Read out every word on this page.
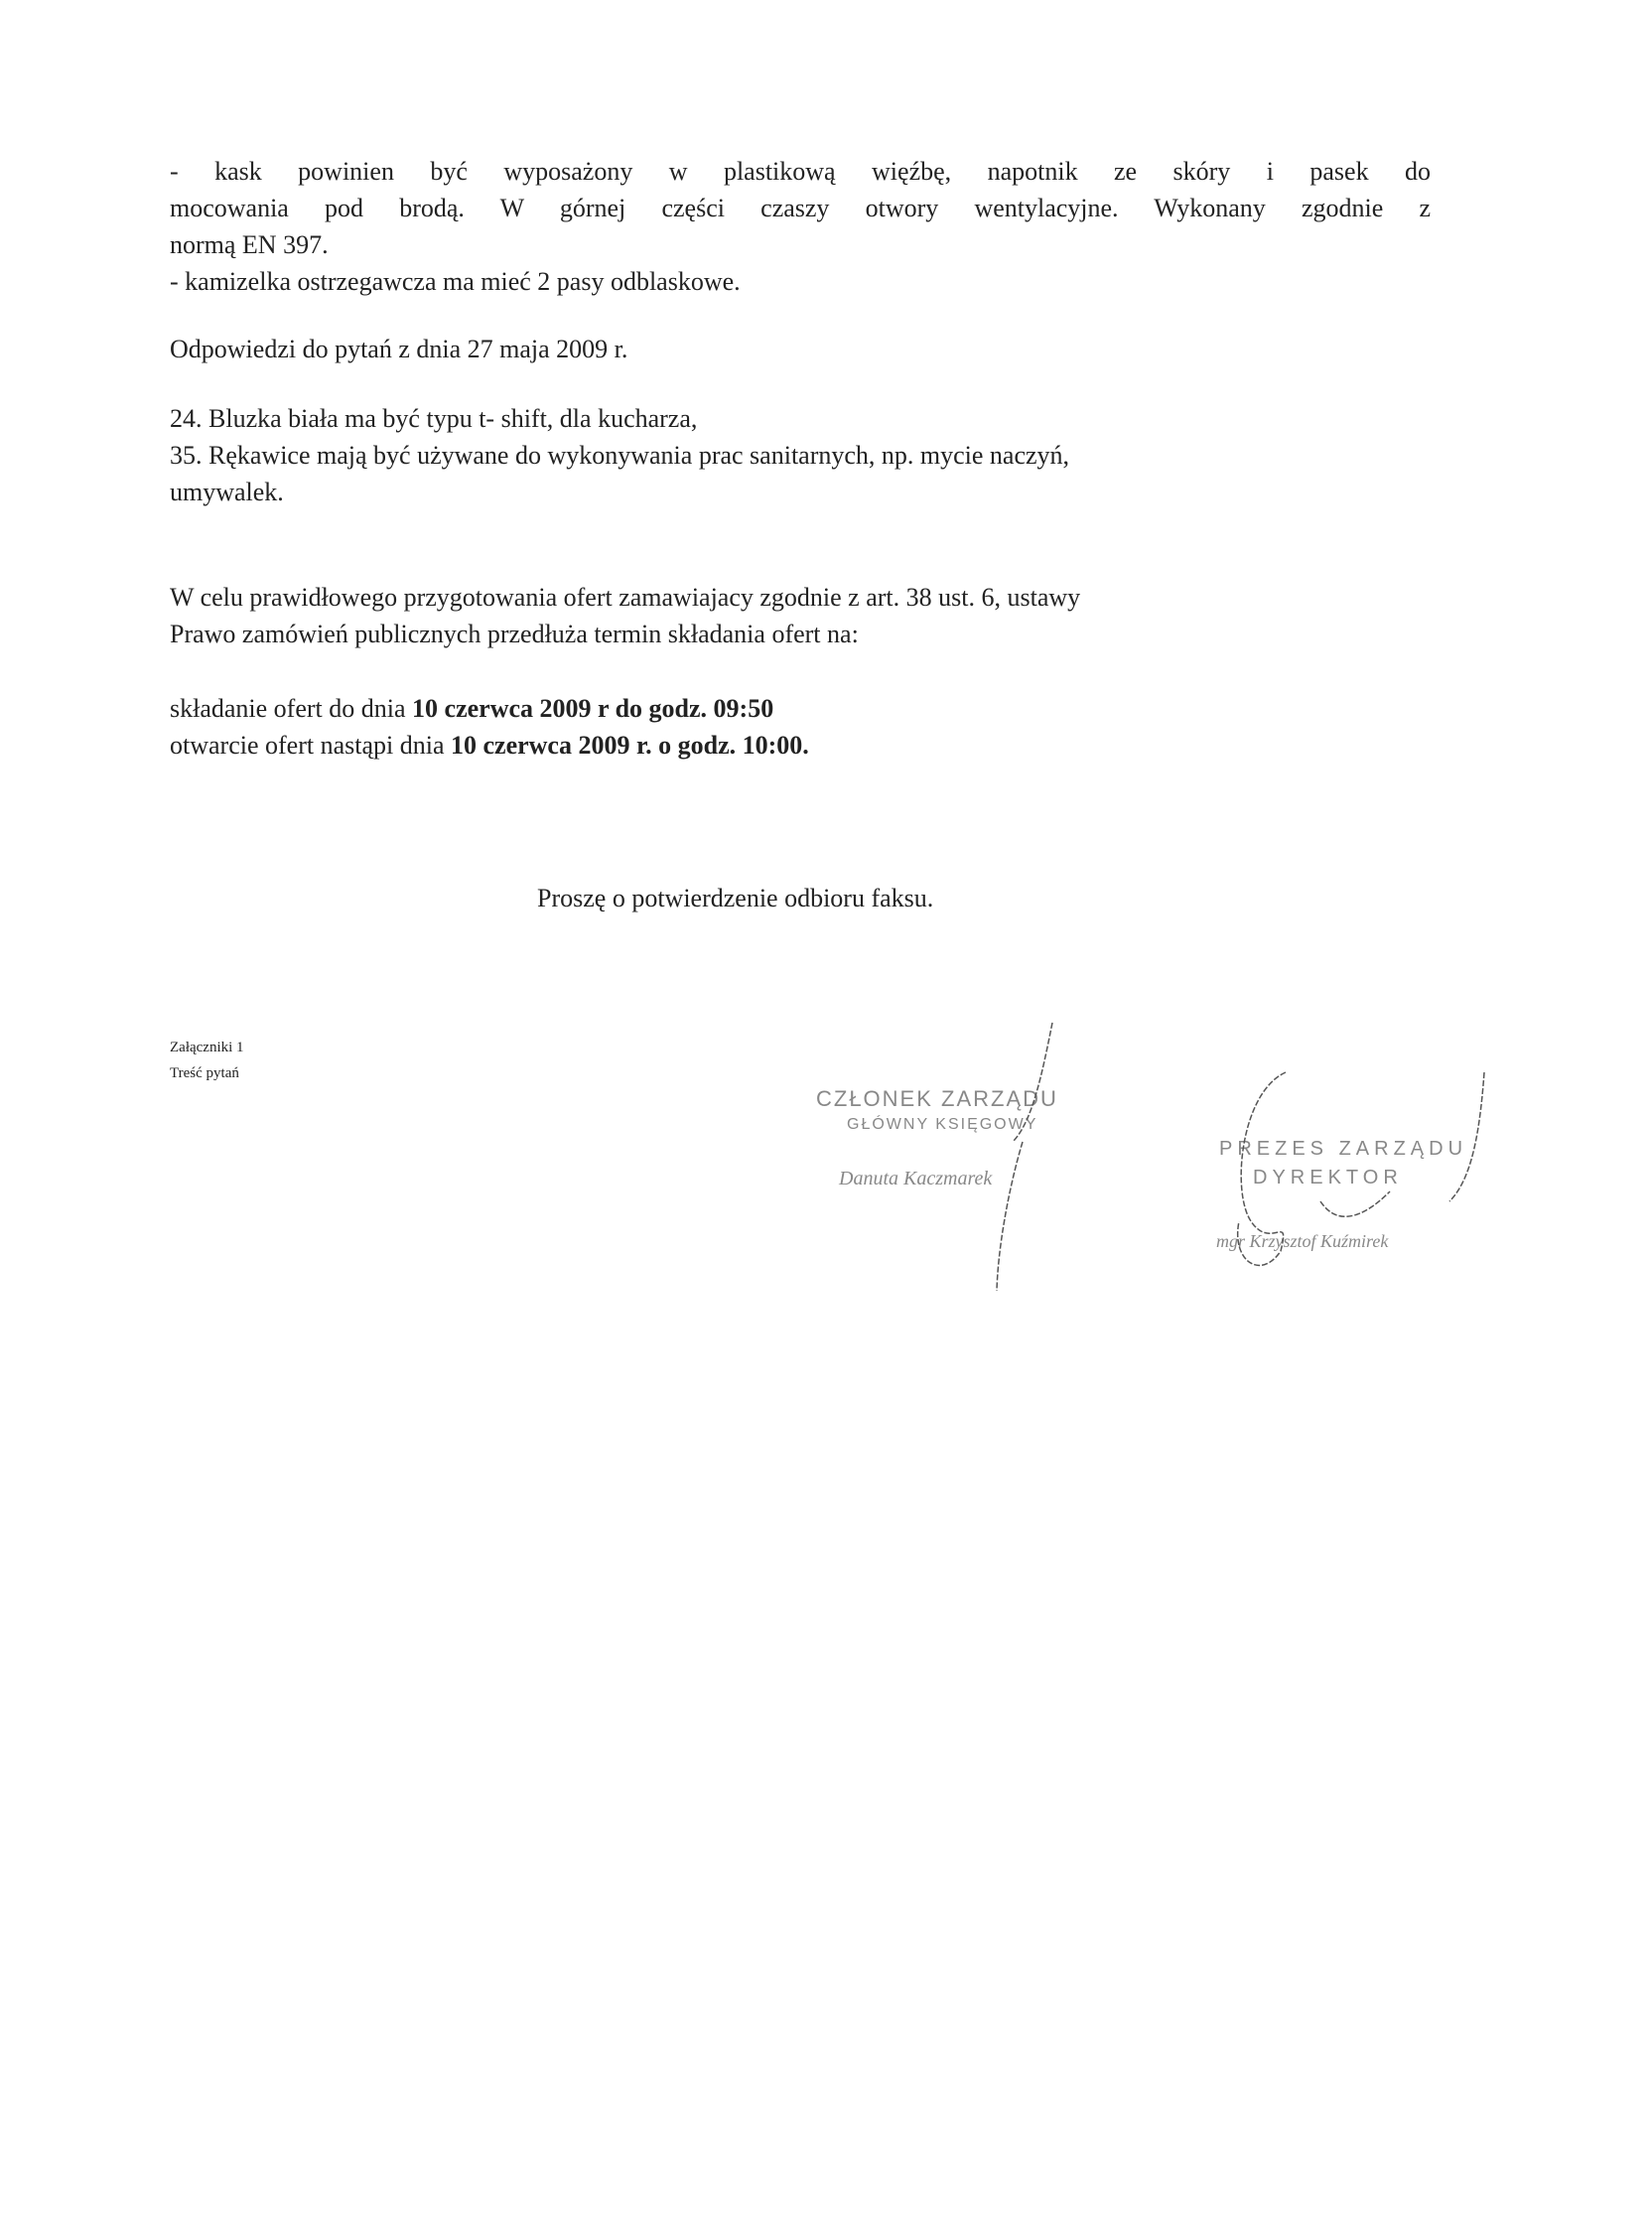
- kask powinien być wyposażony w plastikową więźbę, napotnik ze skóry i pasek do
mocowania pod brodą. W górnej części czaszy otwory wentylacyjne. Wykonany zgodnie z
normą EN 397.
- kamizelka ostrzegawcza ma mieć 2 pasy odblaskowe.
Odpowiedzi do pytań z dnia 27 maja 2009 r.
24. Bluzka biała ma być typu t- shift, dla kucharza,
35. Rękawice mają być używane do wykonywania prac sanitarnych, np. mycie naczyń,
umywalek.
W celu prawidłowego przygotowania ofert zamawiajacy zgodnie z art. 38 ust. 6, ustawy
Prawo zamówień publicznych przedłuża termin składania ofert na:
składanie ofert do dnia 10 czerwca 2009 r do godz. 09:50
otwarcie ofert nastąpi dnia 10 czerwca 2009 r. o godz. 10:00.
Proszę o potwierdzenie odbioru faksu.
Załączniki 1
Treść pytań
CZŁONEK ZARZĄDU
GŁÓWNY KSIĘGOWY
Danuta Kaczmarek
PREZES ZARZĄDU
DYREKTOR
mgr Krzysztof Kuźmirek
